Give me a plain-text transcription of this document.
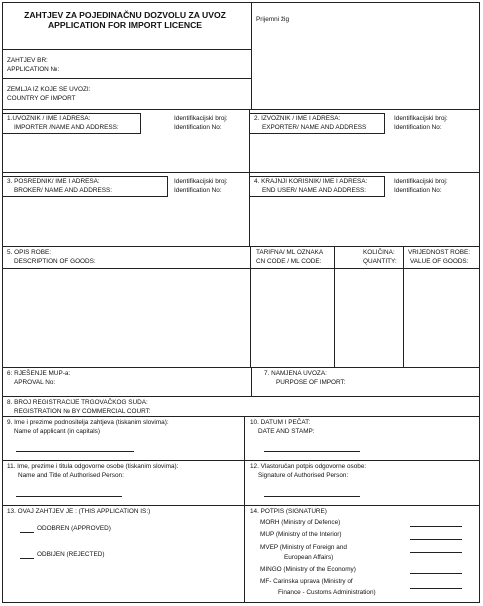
ZAHTJEV ZA POJEDINAČNU DOZVOLU ZA UVOZ
APPLICATION FOR IMPORT LICENCE
Prijemni žig
ZAHTJEV BR:
APPLICATION №:
ZEMLJA IZ KOJE SE UVOZI:
COUNTRY OF IMPORT
1.UVOZNIK / IME I ADRESA:
IMPORTER /NAME AND ADDRESS:
Identifikacijski broj:
Identification No:
2. IZVOZNIK / IME I ADRESA:
EXPORTER/ NAME AND ADDRESS
Identifikacijski broj:
Identification No:
3. POSREDNIK/ IME I ADRESA:
BROKER/ NAME AND ADDRESS:
Identifikacijski broj:
Identification No:
4. KRAJNJI KORISNIK/ IME I ADRESA:
END USER/ NAME AND ADDRESS:
Identifikacijski broj:
Identification No:
5. OPIS ROBE:
DESCRIPTION OF GOODS:
TARIFNA/ ML OZNAKA
CN CODE / ML CODE:
KOLIČINA:
QUANTITY:
VRIJEDNOST ROBE:
VALUE OF GOODS:
6: RJEŠENJE MUP-a:
APROVAL No:
7. NAMJENA UVOZA:
PURPOSE OF IMPORT:
8. BROJ REGISTRACIJE TRGOVAČKOG SUDA:
REGISTRATION № BY COMMERCIAL COURT:
9. Ime i prezime podnositelja zahtjeva (tiskanim slovima):
Name of applicant (in capitals)
10. DATUM I PEČAT:
DATE AND STAMP:
11. Ime, prezime i titula odgovorne osobe (tiskanim slovima):
Name and Title of Authorised Person:
12. Vlastoručan potpis odgovorne osobe:
Signature of Authorised Person:
13. OVAJ ZAHTJEV JE : (THIS APPLICATION IS:)
ODOBREN (APPROVED)
ODBIJEN (REJECTED)
14. POTPIS (SIGNATURE)
MORH (Ministry of Defence)
MUP (Ministry of the Interior)
MVEP (Ministry of Foreign and
European Affairs)
MINGO (Ministry of the Economy)
MF- Carinska uprava (Ministry of
Finance - Customs Administration)
